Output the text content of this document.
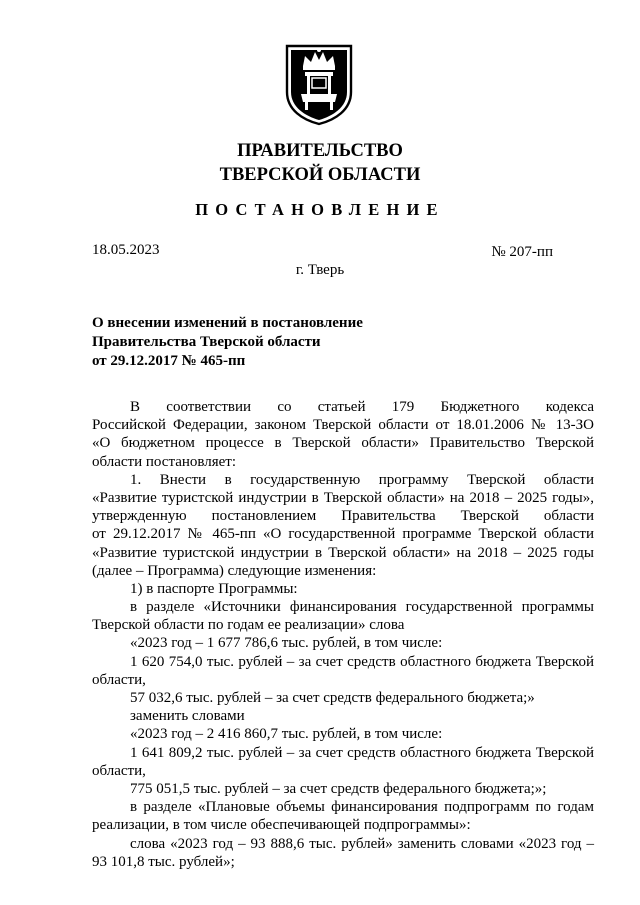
ПРАВИТЕЛЬСТВО
ТВЕРСКОЙ ОБЛАСТИ
ПОСТАНОВЛЕНИЕ
18.05.2023	№ 207-пп
г. Тверь
О внесении изменений в постановление
Правительства Тверской области
от 29.12.2017 № 465-пп
В соответствии со статьей 179 Бюджетного кодекса
Российской Федерации, законом Тверской области от 18.01.2006 № 13-ЗО
«О бюджетном процессе в Тверской области» Правительство Тверской
области постановляет:
1. Внести в государственную программу Тверской области
«Развитие туристской индустрии в Тверской области» на 2018 – 2025 годы»,
утвержденную постановлением Правительства Тверской области
от 29.12.2017 № 465-пп «О государственной программе Тверской области
«Развитие туристской индустрии в Тверской области» на 2018 – 2025 годы
(далее – Программа) следующие изменения:
1) в паспорте Программы:
в разделе «Источники финансирования государственной программы
Тверской области по годам ее реализации» слова
«2023 год – 1 677 786,6 тыс. рублей, в том числе:
1 620 754,0 тыс. рублей – за счет средств областного бюджета Тверской
области,
57 032,6 тыс. рублей – за счет средств федерального бюджета;»
заменить словами
«2023 год – 2 416 860,7 тыс. рублей, в том числе:
1 641 809,2 тыс. рублей – за счет средств областного бюджета Тверской
области,
775 051,5 тыс. рублей – за счет средств федерального бюджета;»;
в разделе «Плановые объемы финансирования подпрограмм по годам
реализации, в том числе обеспечивающей подпрограммы»:
слова «2023 год – 93 888,6 тыс. рублей» заменить словами «2023 год –
93 101,8 тыс. рублей»;
